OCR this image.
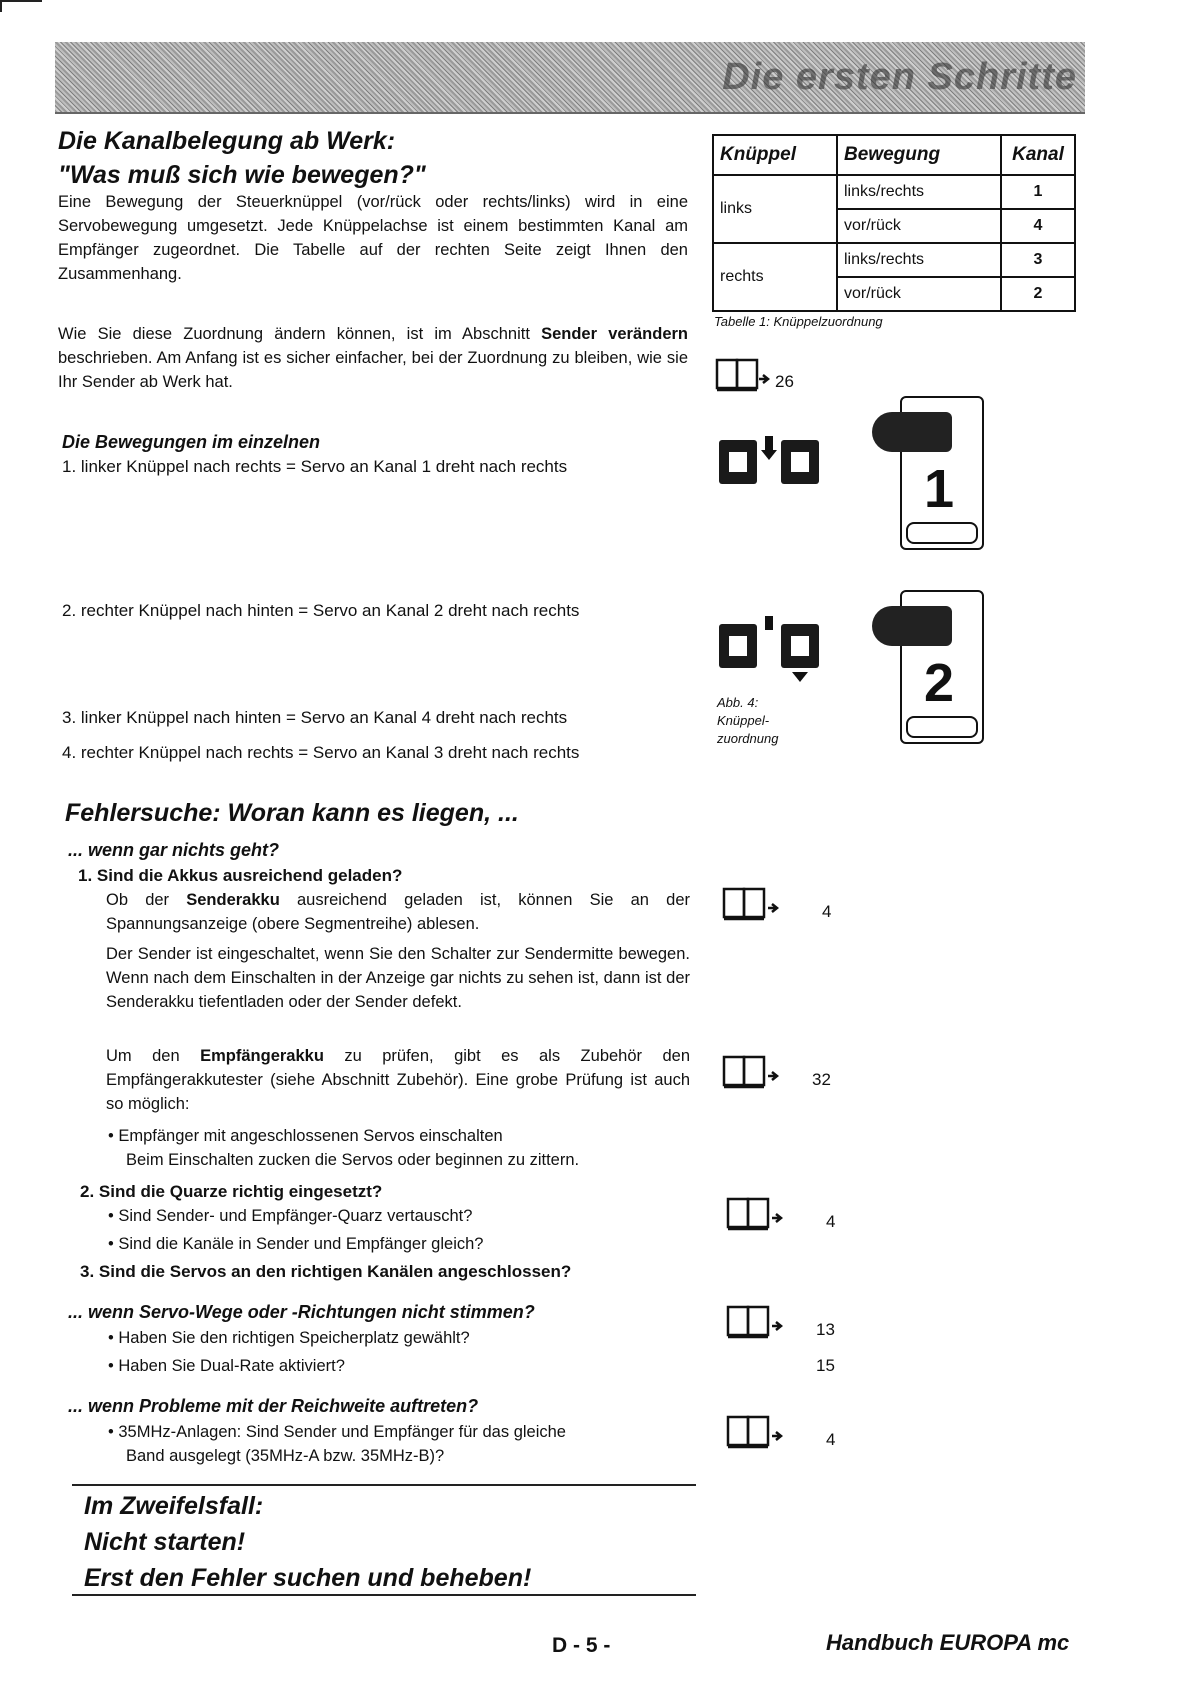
Die ersten Schritte
Die Kanalbelegung ab Werk:
"Was muß sich wie bewegen?"
Eine Bewegung der Steuerknüppel (vor/rück oder rechts/links) wird in eine Servobewegung umgesetzt. Jede Knüppelachse ist einem bestimmten Kanal am Empfänger zugeordnet. Die Tabelle auf der rechten Seite zeigt Ihnen den Zusammenhang.
Wie Sie diese Zuordnung ändern können, ist im Abschnitt Sender verändern beschrieben. Am Anfang ist es sicher einfacher, bei der Zuordnung zu bleiben, wie sie Ihr Sender ab Werk hat.
Knüppel	Bewegung	Kanal
links	links/rechts	1
	vor/rück	4
rechts	links/rechts	3
	vor/rück	2
Tabelle 1: Knüppelzuordnung
26
Die Bewegungen im einzelnen
1. linker Knüppel nach rechts = Servo an Kanal 1 dreht nach rechts
2. rechter Knüppel nach hinten = Servo an Kanal 2 dreht nach rechts
3. linker Knüppel nach hinten = Servo an Kanal 4 dreht nach rechts
4. rechter Knüppel nach rechts = Servo an Kanal 3 dreht nach rechts
1
2
Abb. 4:
Knüppel-
zuordnung
Fehlersuche: Woran kann es liegen, ...
... wenn gar nichts geht?
1. Sind die Akkus ausreichend geladen?
Ob der Senderakku ausreichend geladen ist, können Sie an der Spannungsanzeige (obere Segmentreihe) ablesen.
Der Sender ist eingeschaltet, wenn Sie den Schalter zur Sendermitte bewegen. Wenn nach dem Einschalten in der Anzeige gar nichts zu sehen ist, dann ist der Senderakku tiefentladen oder der Sender defekt.
Um den Empfängerakku zu prüfen, gibt es als Zubehör den Empfängerakkutester (siehe Abschnitt Zubehör). Eine grobe Prüfung ist auch so möglich:
• Empfänger mit angeschlossenen Servos einschalten
Beim Einschalten zucken die Servos oder beginnen zu zittern.
2. Sind die Quarze richtig eingesetzt?
• Sind Sender- und Empfänger-Quarz vertauscht?
• Sind die Kanäle in Sender und Empfänger gleich?
3. Sind die Servos an den richtigen Kanälen angeschlossen?
... wenn Servo-Wege oder -Richtungen nicht stimmen?
• Haben Sie den richtigen Speicherplatz gewählt?
• Haben Sie Dual-Rate aktiviert?
... wenn Probleme mit der Reichweite auftreten?
• 35MHz-Anlagen: Sind Sender und Empfänger für das gleiche
Band ausgelegt (35MHz-A bzw. 35MHz-B)?
4
32
4
13
15
4
Im Zweifelsfall:
Nicht starten!
Erst den Fehler suchen und beheben!
D - 5 -	Handbuch EUROPA mc
